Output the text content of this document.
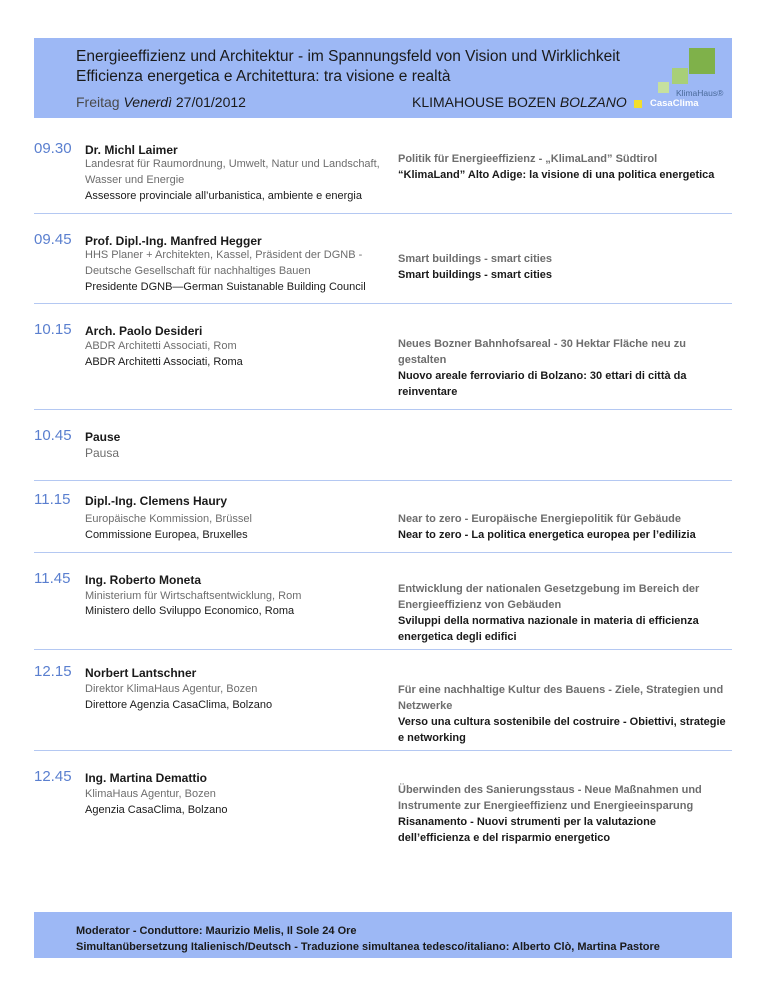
Energieeffizienz und Architektur - im Spannungsfeld von Vision und Wirklichkeit
Efficienza energetica e Architettura: tra visione e realtà
Freitag Venerdì 27/01/2012	KLIMAHOUSE BOZEN BOLZANO
KlimaHaus®
CasaClima
09.30 Dr. Michl Laimer
Landesrat für Raumordnung, Umwelt, Natur und Landschaft, Wasser und Energie
Assessore provinciale all’urbanistica, ambiente e energia
Politik für Energieeffizienz - „KlimaLand” Südtirol
“KlimaLand” Alto Adige: la visione di una politica energetica
09.45 Prof. Dipl.-Ing. Manfred Hegger
HHS Planer + Architekten, Kassel, Präsident der DGNB - Deutsche Gesellschaft für nachhaltiges Bauen
Presidente DGNB—German Suistanable Building Council
Smart buildings - smart cities
Smart buildings - smart cities
10.15 Arch. Paolo Desideri
ABDR Architetti Associati, Rom
ABDR Architetti Associati, Roma
Neues Bozner Bahnhofsareal - 30 Hektar Fläche neu zu gestalten
Nuovo areale ferroviario di Bolzano: 30 ettari di città da reinventare
10.45 Pause
Pausa
11.15 Dipl.-Ing. Clemens Haury
Europäische Kommission, Brüssel
Commissione Europea, Bruxelles
Near to zero - Europäische Energiepolitik für Gebäude
Near to zero - La politica energetica europea per l’edilizia
11.45 Ing. Roberto Moneta
Ministerium für Wirtschaftsentwicklung, Rom
Ministero dello Sviluppo Economico, Roma
Entwicklung der nationalen Gesetzgebung im Bereich der Energieeffizienz von Gebäuden
Sviluppi della normativa nazionale in materia di efficienza energetica degli edifici
12.15 Norbert Lantschner
Direktor KlimaHaus Agentur, Bozen
Direttore Agenzia CasaClima, Bolzano
Für eine nachhaltige Kultur des Bauens - Ziele, Strategien und Netzwerke
Verso una cultura sostenibile del costruire - Obiettivi, strategie e networking
12.45 Ing. Martina Demattio
KlimaHaus Agentur, Bozen
Agenzia CasaClima, Bolzano
Überwinden des Sanierungsstaus - Neue Maßnahmen und Instrumente zur Energieeffizienz und Energieeinsparung
Risanamento - Nuovi strumenti per la valutazione dell’efficienza e del risparmio energetico
Moderator - Conduttore: Maurizio Melis, Il Sole 24 Ore
Simultanübersetzung Italienisch/Deutsch - Traduzione simultanea tedesco/italiano: Alberto Clò, Martina Pastore
